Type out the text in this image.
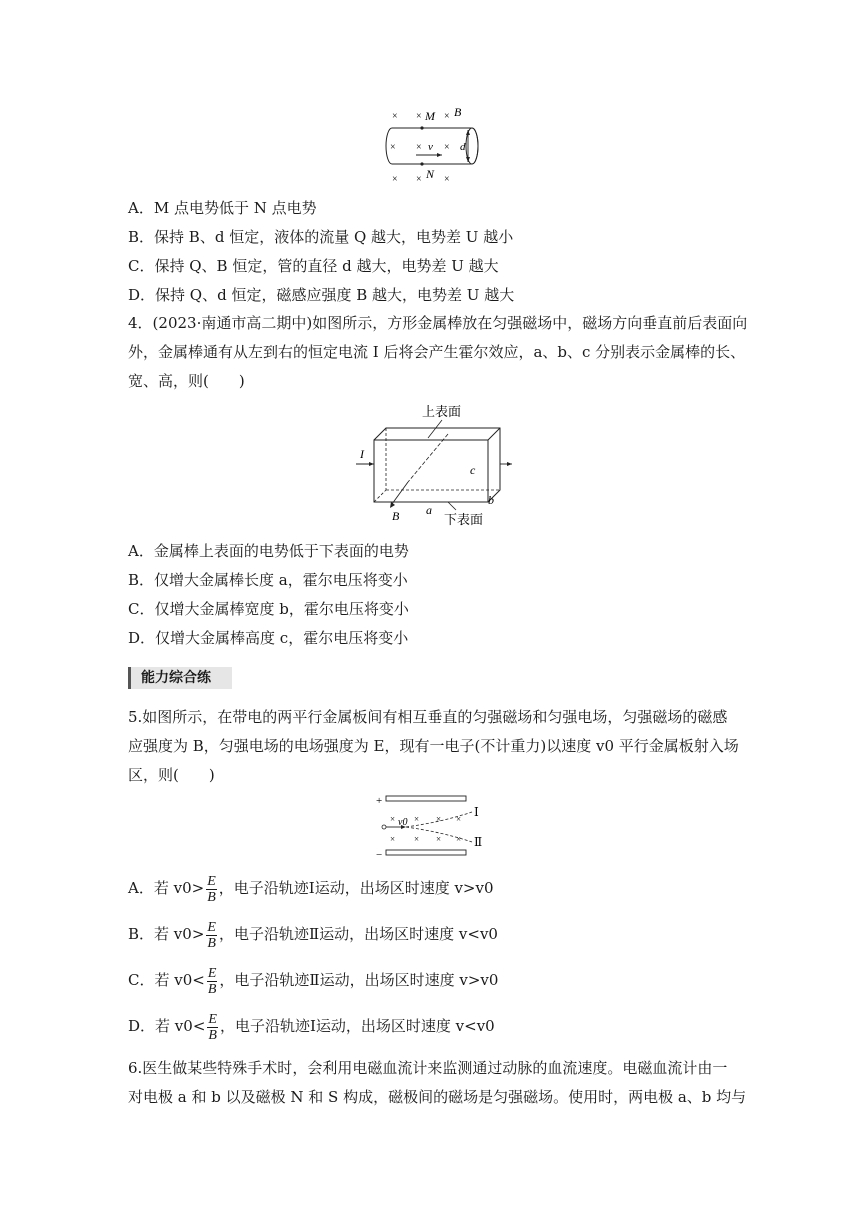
× × ×
M B
× × v × d
× × N ×
A．M 点电势低于 N 点电势
B．保持 B、d 恒定，液体的流量 Q 越大，电势差 U 越小
C．保持 Q、B 恒定，管的直径 d 越大，电势差 U 越大
D．保持 Q、d 恒定，磁感应强度 B 越大，电势差 U 越大
4．(2023·南通市高二期中)如图所示，方形金属棒放在匀强磁场中，磁场方向垂直前后表面向
外，金属棒通有从左到右的恒定电流 I 后将会产生霍尔效应，a、b、c 分别表示金属棒的长、
宽、高，则(　　)
上表面
B
I
c
a
b
下表面
A．金属棒上表面的电势低于下表面的电势
B．仅增大金属棒长度 a，霍尔电压将变小
C．仅增大金属棒宽度 b，霍尔电压将变小
D．仅增大金属棒高度 c，霍尔电压将变小
能力综合练
5.如图所示，在带电的两平行金属板间有相互垂直的匀强磁场和匀强电场，匀强磁场的磁感
应强度为 B，匀强电场的电场强度为 E，现有一电子(不计重力)以速度 v0 平行金属板射入场
区，则(　　)
+
−
× × × ×
× × × ×
v0
Ⅰ
Ⅱ
A．若 $v0> \frac{E}{B}$ ，电子沿轨迹Ⅰ运动，出场区时速度 v>v0
B．若 $v0> \frac{E}{B}$ ，电子沿轨迹Ⅱ运动，出场区时速度 v<v0
C．若 $v0< \frac{E}{B}$ ，电子沿轨迹Ⅱ运动，出场区时速度 v>v0
D．若 $v0< \frac{E}{B}$ ，电子沿轨迹Ⅰ运动，出场区时速度 v<v0
6.医生做某些特殊手术时，会利用电磁血流计来监测通过动脉的血流速度。电磁血流计由一
对电极 a 和 b 以及磁极 N 和 S 构成，磁极间的磁场是匀强磁场。使用时，两电极 a、b 均与
